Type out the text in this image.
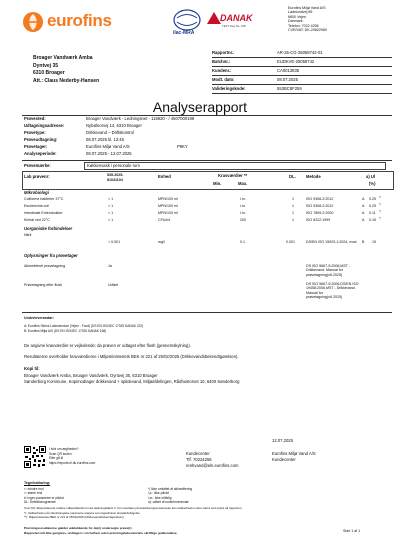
eurofins
ilac-MRA
DANAK
TEST Reg.No. 168
Eurofins Miljø Vand A/S
Ladelundvej 85
6600 Vejen
Danmark
Telefon: 7022 4256
CVR/VAT: DK-20822980
Broager Vandværk Amba
Dyntvej 35
6310 Broager
Att.: Claus Nederby-Hansen
Rapportnr.:	AR-25-CG-25058742-01
Batchnr.:	EUDKVE-25058742
Kundenr.:	CA0013835
Modt. dato:	08.07.2025
Valideringskode:	553BC8F259
Analyserapport
Prøvested:	Broager Vandværk - Ledningsnet - 115920 - / 4507000199
Udtagningsadresse:	Nybølnorvej 14, 6310 Broager
Prøvetype:	Drikkevand – Driftskontrol
Prøveudtagning:	08.07.2025 kl. 13:45
Prøvetager:	Eurofins Miljø Vand A/S	P9KY
Analyseperiode:	08.07.2025 - 12.07.2025
Prøvemærke:	Køkkenvask i personale rum
Lab prøvenr:	535-2025-
81041104
Enhed	Kravværdier **
Min.	Max.
DL. Metode	a) Ul
(%)
Mikrobiologi
Coliforme bakterier 37°C	< 1	MPN/100 ml	i.m.	1	ISO 9308-2:2012	A 0.25 *)
Escherichia coli	< 1	MPN/100 ml	i.m.	1	ISO 9308-2:2012	A 0.25 *)
Intestinale Enterokokker	< 1	MPN/100 ml	i.m.	1	ISO 7899-2:2000	A 0.11 *)
Kimtal ved 22°C	< 1	CFU/ml	200	1	ISO 6222:1999	A 0.15 *)
Uorganiske forbindelser
Nitrit
< 0.001	mg/l	0.1	0.001	DS/EN ISO 15923-1:2024, mod. B 15
Oplysninger fra prøvetager
Akkrediteret prøvetagning	Ja	DS ISO 5667-5:2006,MST -
Drikkevand. Manual for
prøvetagning(v6.2025)
Prøvetagning efter flush	Udført	DS ISO 5667-5:2006,DS/EN ISO
19458:2006,MST - Drikkevand.
Manual for
prøvetagning(v6.2025)
Underleverandør:
A: Eurofins Steins Laboratorium (Vejen - Food) (DS EN ISO/IEC 17025 DANAK 222)
B: Eurofins Miljø A/S (DS EN ISO/IEC 17025 DANAK 168)
De angivne kravværdier er vejledende; da prøven er udtaget efter flush (gennemskylning).
Resultaterne overholder kravværdierne i Miljøministeriets BEK nr 221 af 25/02/2025 (Drikkevandsbekendtgørelsen).
Kopi til:
Broager Vandværk Amba, Broager Vandværk, Dyntvej 35, 6310 Broager
Sønderborg Kommune, Kopimodtager drikkevand + spildevand, Miljøafdelingen, Rådhustorvet 10, 6400 Sønderborg
12.07.2025
I tvivl om ægtheden?
Scan QR koden
Eller gå til
https://reports.el.dk.eurofins.com
Kundecenter
Tlf. 70224256
renhvand@eln.eurofins.com
Eurofins Miljø Vand A/S
Kundecenter
Tegnforklaring:
<: mindre end
>: større end
#: ingen parametre er påvist
DL: Detektionsgrænse
*) Ikke omfattet af akkreditering
i.p.: ikke påvist
i.m.: ikke målelig
a): udført af underleverandør
Unsi (%): Ekspanderede relative måleusikkerhed med dækningsfaktor 2. For resultater på detektionsgrænseniveau kan usikkerheden være større end oplyst på rapporten.
*): Usikkerheder på mikrobiologiske parametre angives som logaritmiset standardafvigelse.
**): Miljøministeriets BEK nr 221 af 25/02/2025 (Drikkevandsbekendtgørelsen)
Prøvningsresultaterne gælder udelukkende for de(n) undersøgte prøve(r).
Rapporten må ikke gengives, undtagen i sin helhed, uden prøvningslaboratoriets skriftlige godkendelse.	Side 1 af 1
